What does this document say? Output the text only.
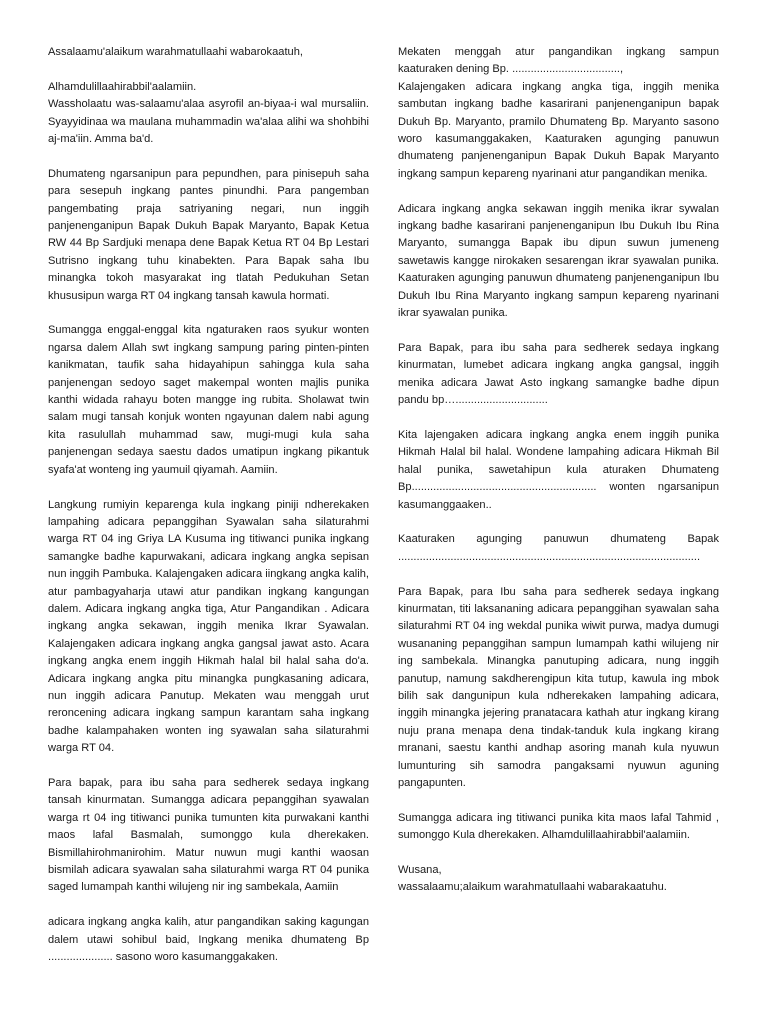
Assalaamu'alaikum warahmatullaahi wabarokaatuh,

Alhamdulillaahirabbil'aalamiin.

Wassholaatu was-salaamu'alaa asyrofil an-biyaa-i wal mursaliin. Syayyidinaa wa maulana muhammadin wa'alaa alihi wa shohbihi aj-ma'iin. Amma ba'd.

Dhumateng ngarsanipun para pepundhen, para pinisepuh saha para sesepuh ingkang pantes pinundhi. Para pangemban pangembating praja satriyaning negari, nun inggih panjenenganipun Bapak Dukuh Bapak Maryanto, Bapak Ketua RW 44 Bp Sardjuki menapa dene Bapak Ketua RT 04 Bp Lestari Sutrisno ingkang tuhu kinabekten. Para Bapak saha Ibu minangka tokoh masyarakat ing tlatah Pedukuhan Setan khususipun warga RT 04 ingkang tansah kawula hormati.

Sumangga enggal-enggal kita ngaturaken raos syukur wonten ngarsa dalem Allah swt ingkang sampung paring pinten-pinten kanikmatan, taufik saha hidayahipun sahingga kula saha panjenengan sedoyo saget makempal wonten majlis punika kanthi widada rahayu boten mangge ing rubita. Sholawat twin salam mugi tansah konjuk wonten ngayunan dalem nabi agung kita rasulullah muhammad saw, mugi-mugi kula saha panjenengan sedaya saestu dados umatipun ingkang pikantuk syafa'at wonteng ing yaumuil qiyamah. Aamiin.

Langkung rumiyin keparenga kula ingkang piniji ndherekaken lampahing adicara pepanggihan Syawalan saha silaturahmi warga RT 04 ing Griya LA Kusuma ing titiwanci punika ingkang samangke badhe kapurwakani, adicara ingkang angka sepisan nun inggih Pambuka. Kalajengaken adicara iingkang angka kalih, atur pambagyaharja utawi atur pandikan ingkang kangungan dalem. Adicara ingkang angka tiga, Atur Pangandikan . Adicara ingkang angka sekawan, inggih menika Ikrar Syawalan. Kalajengaken adicara ingkang angka gangsal jawat asto. Acara ingkang angka enem inggih Hikmah halal bil halal saha do'a. Adicara ingkang angka pitu minangka pungkasaning adicara, nun inggih adicara Panutup. Mekaten wau menggah urut reroncening adicara ingkang sampun karantam saha ingkang badhe kalampahaken wonten ing syawalan saha silaturahmi warga RT 04.

Para bapak, para ibu saha para sedherek sedaya ingkang tansah kinurmatan. Sumangga adicara pepanggihan syawalan warga rt 04 ing titiwanci punika tumunten kita purwakani kanthi maos lafal Basmalah, sumonggo kula dherekaken. Bismillahirohmanirohim. Matur nuwun mugi kanthi waosan bismilah adicara syawalan saha silaturahmi warga RT 04 punika saged lumampah kanthi wilujeng nir ing sambekala, Aamiin

adicara ingkang angka kalih, atur pangandikan saking kagungan dalem utawi sohibul baid, Ingkang menika dhumateng Bp ..................... sasono woro kasumanggakaken.

Mekaten menggah atur pangandikan ingkang sampun kaaturaken dening Bp. ...................................,
Kalajengaken adicara ingkang angka tiga, inggih menika sambutan ingkang badhe kasarirani panjenenganipun bapak Dukuh Bp. Maryanto, pramilo Dhumateng Bp. Maryanto sasono woro kasumanggakaken, Kaaturaken agunging panuwun dhumateng panjenenganipun Bapak Dukuh Bapak Maryanto ingkang sampun kepareng nyarinani atur pangandikan menika.

Adicara ingkang angka sekawan inggih menika ikrar sywalan ingkang badhe kasarirani panjenenganipun Ibu Dukuh Ibu Rina Maryanto, sumangga Bapak ibu dipun suwun jumeneng sawetawis kangge nirokaken sesarengan ikrar syawalan punika. Kaaturaken agunging panuwun dhumateng panjenenganipun Ibu Dukuh Ibu Rina Maryanto ingkang sampun kepareng nyarinani ikrar syawalan punika.

Para Bapak, para ibu saha para sedherek sedaya ingkang kinurmatan, lumebet adicara ingkang angka gangsal, inggih menika adicara Jawat Asto ingkang samangke badhe dipun pandu bp…..............................

Kita lajengaken adicara ingkang angka enem inggih punika Hikmah Halal bil halal. Wondene lampahing adicara Hikmah Bil halal punika, sawetahipun kula aturaken Dhumateng Bp............................................................ wonten ngarsanipun kasumanggaaken..

Kaaturaken agunging panuwun dhumateng Bapak ..................................................................................................

Para Bapak, para Ibu saha para sedherek sedaya ingkang kinurmatan, titi laksananing adicara pepanggihan syawalan saha silaturahmi RT 04 ing wekdal punika wiwit purwa, madya dumugi wusananing pepanggihan sampun lumampah kathi wilujeng nir ing sambekala. Minangka panutuping adicara, nung inggih panutup, namung sakdherengipun kita tutup, kawula ing mbok bilih sak dangunipun kula ndherekaken lampahing adicara, inggih minangka jejering pranatacara kathah atur ingkang kirang nuju prana menapa dena tindak-tanduk kula ingkang kirang mranani, saestu kanthi andhap asoring manah kula nyuwun lumunturing sih samodra pangaksami nyuwun aguning pangapunten.

Sumangga adicara ing titiwanci punika kita maos lafal Tahmid , sumonggo Kula dherekaken. Alhamdulillaahirabbil'aalamiin.

Wusana,

wassalaamu;alaikum warahmatullaahi wabarakaatuhu.
